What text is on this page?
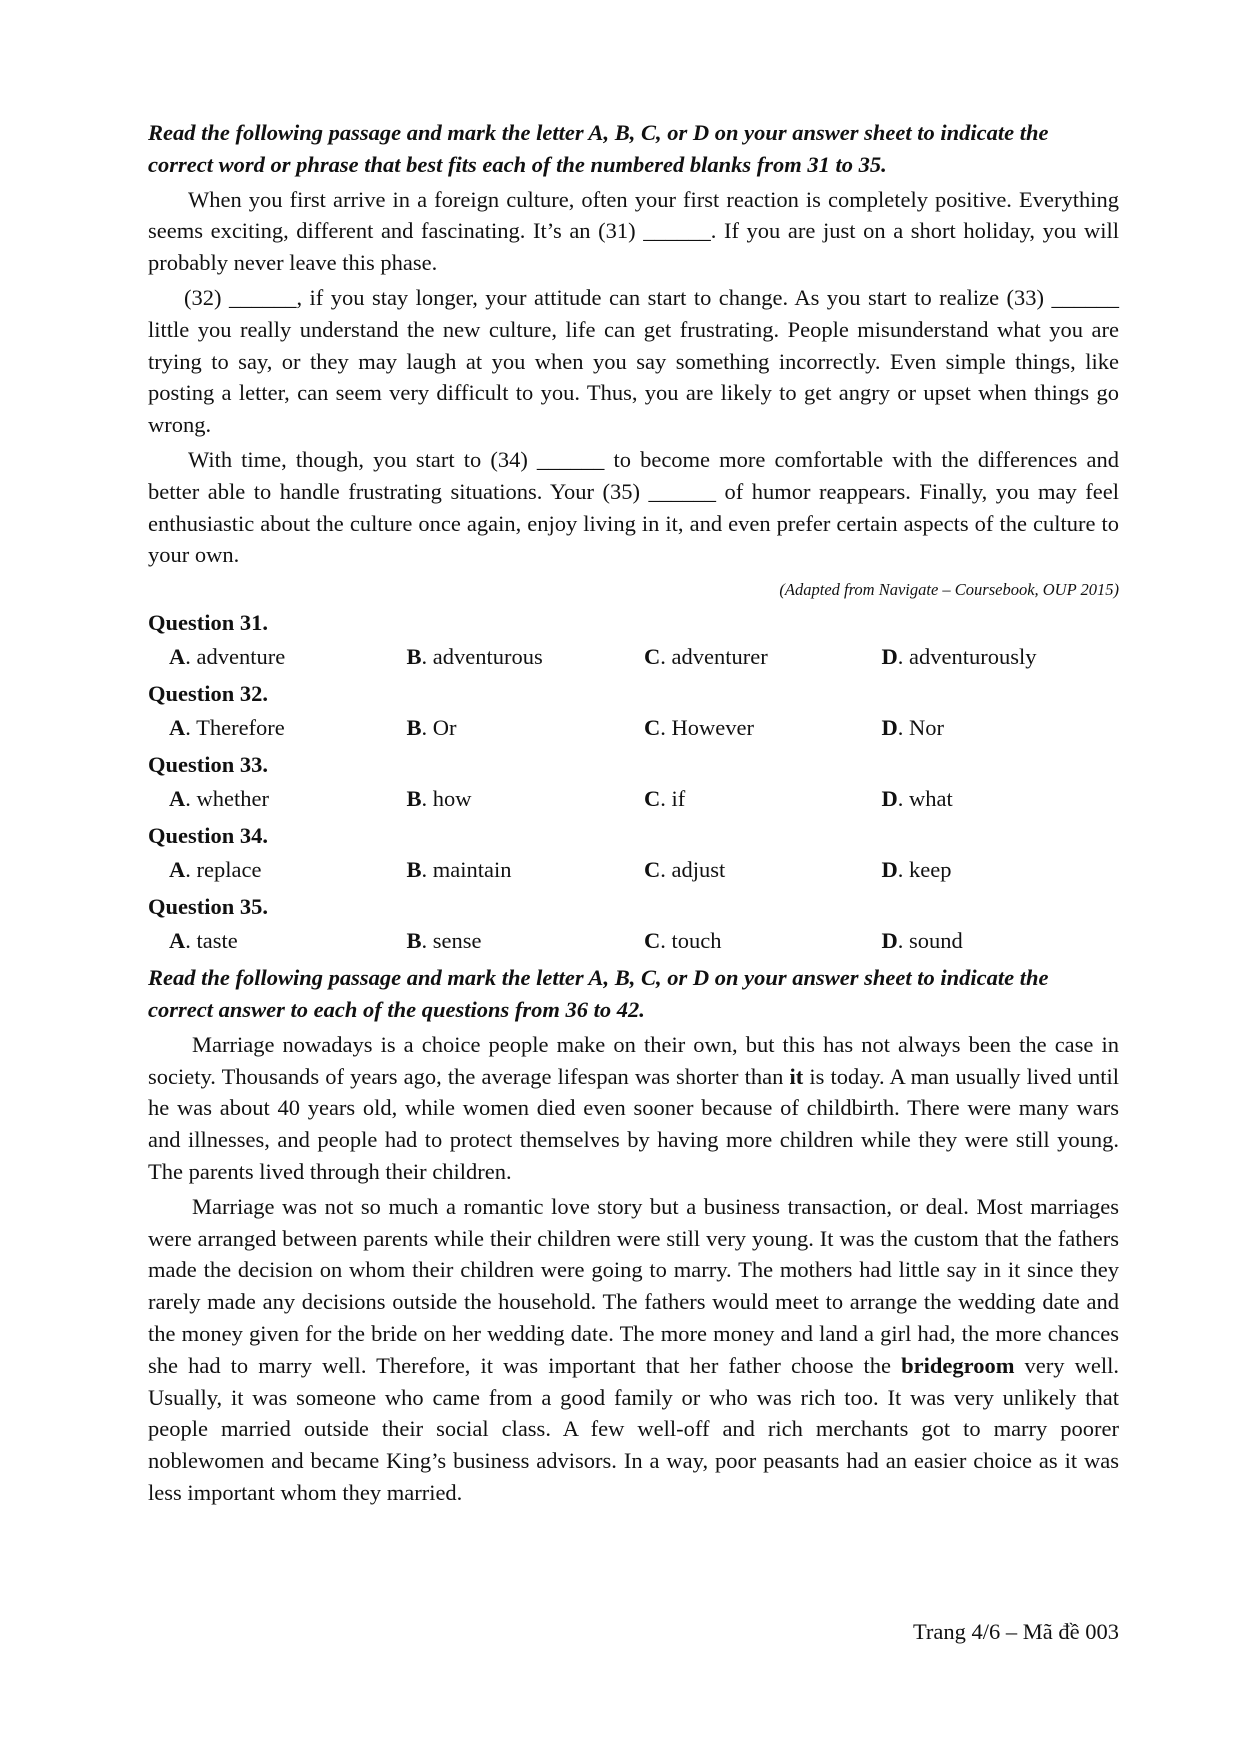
Read the following passage and mark the letter A, B, C, or D on your answer sheet to indicate the correct word or phrase that best fits each of the numbered blanks from 31 to 35.

When you first arrive in a foreign culture, often your first reaction is completely positive. Everything seems exciting, different and fascinating. It’s an (31) ______. If you are just on a short holiday, you will probably never leave this phase.

(32) ______, if you stay longer, your attitude can start to change. As you start to realize (33) ______ little you really understand the new culture, life can get frustrating. People misunderstand what you are trying to say, or they may laugh at you when you say something incorrectly. Even simple things, like posting a letter, can seem very difficult to you. Thus, you are likely to get angry or upset when things go wrong.

With time, though, you start to (34) ______ to become more comfortable with the differences and better able to handle frustrating situations. Your (35) ______ of humor reappears. Finally, you may feel enthusiastic about the culture once again, enjoy living in it, and even prefer certain aspects of the culture to your own.

(Adapted from Navigate – Coursebook, OUP 2015)

Question 31.
A. adventure	B. adventurous	C. adventurer	D. adventurously
Question 32.
A. Therefore	B. Or	C. However	D. Nor
Question 33.
A. whether	B. how	C. if	D. what
Question 34.
A. replace	B. maintain	C. adjust	D. keep
Question 35.
A. taste	B. sense	C. touch	D. sound

Read the following passage and mark the letter A, B, C, or D on your answer sheet to indicate the correct answer to each of the questions from 36 to 42.

Marriage nowadays is a choice people make on their own, but this has not always been the case in society. Thousands of years ago, the average lifespan was shorter than it is today. A man usually lived until he was about 40 years old, while women died even sooner because of childbirth. There were many wars and illnesses, and people had to protect themselves by having more children while they were still young. The parents lived through their children.

Marriage was not so much a romantic love story but a business transaction, or deal. Most marriages were arranged between parents while their children were still very young. It was the custom that the fathers made the decision on whom their children were going to marry. The mothers had little say in it since they rarely made any decisions outside the household. The fathers would meet to arrange the wedding date and the money given for the bride on her wedding date. The more money and land a girl had, the more chances she had to marry well. Therefore, it was important that her father choose the bridegroom very well. Usually, it was someone who came from a good family or who was rich too. It was very unlikely that people married outside their social class. A few well-off and rich merchants got to marry poorer noblewomen and became King’s business advisors. In a way, poor peasants had an easier choice as it was less important whom they married.

Trang 4/6 – Mã đề 003
